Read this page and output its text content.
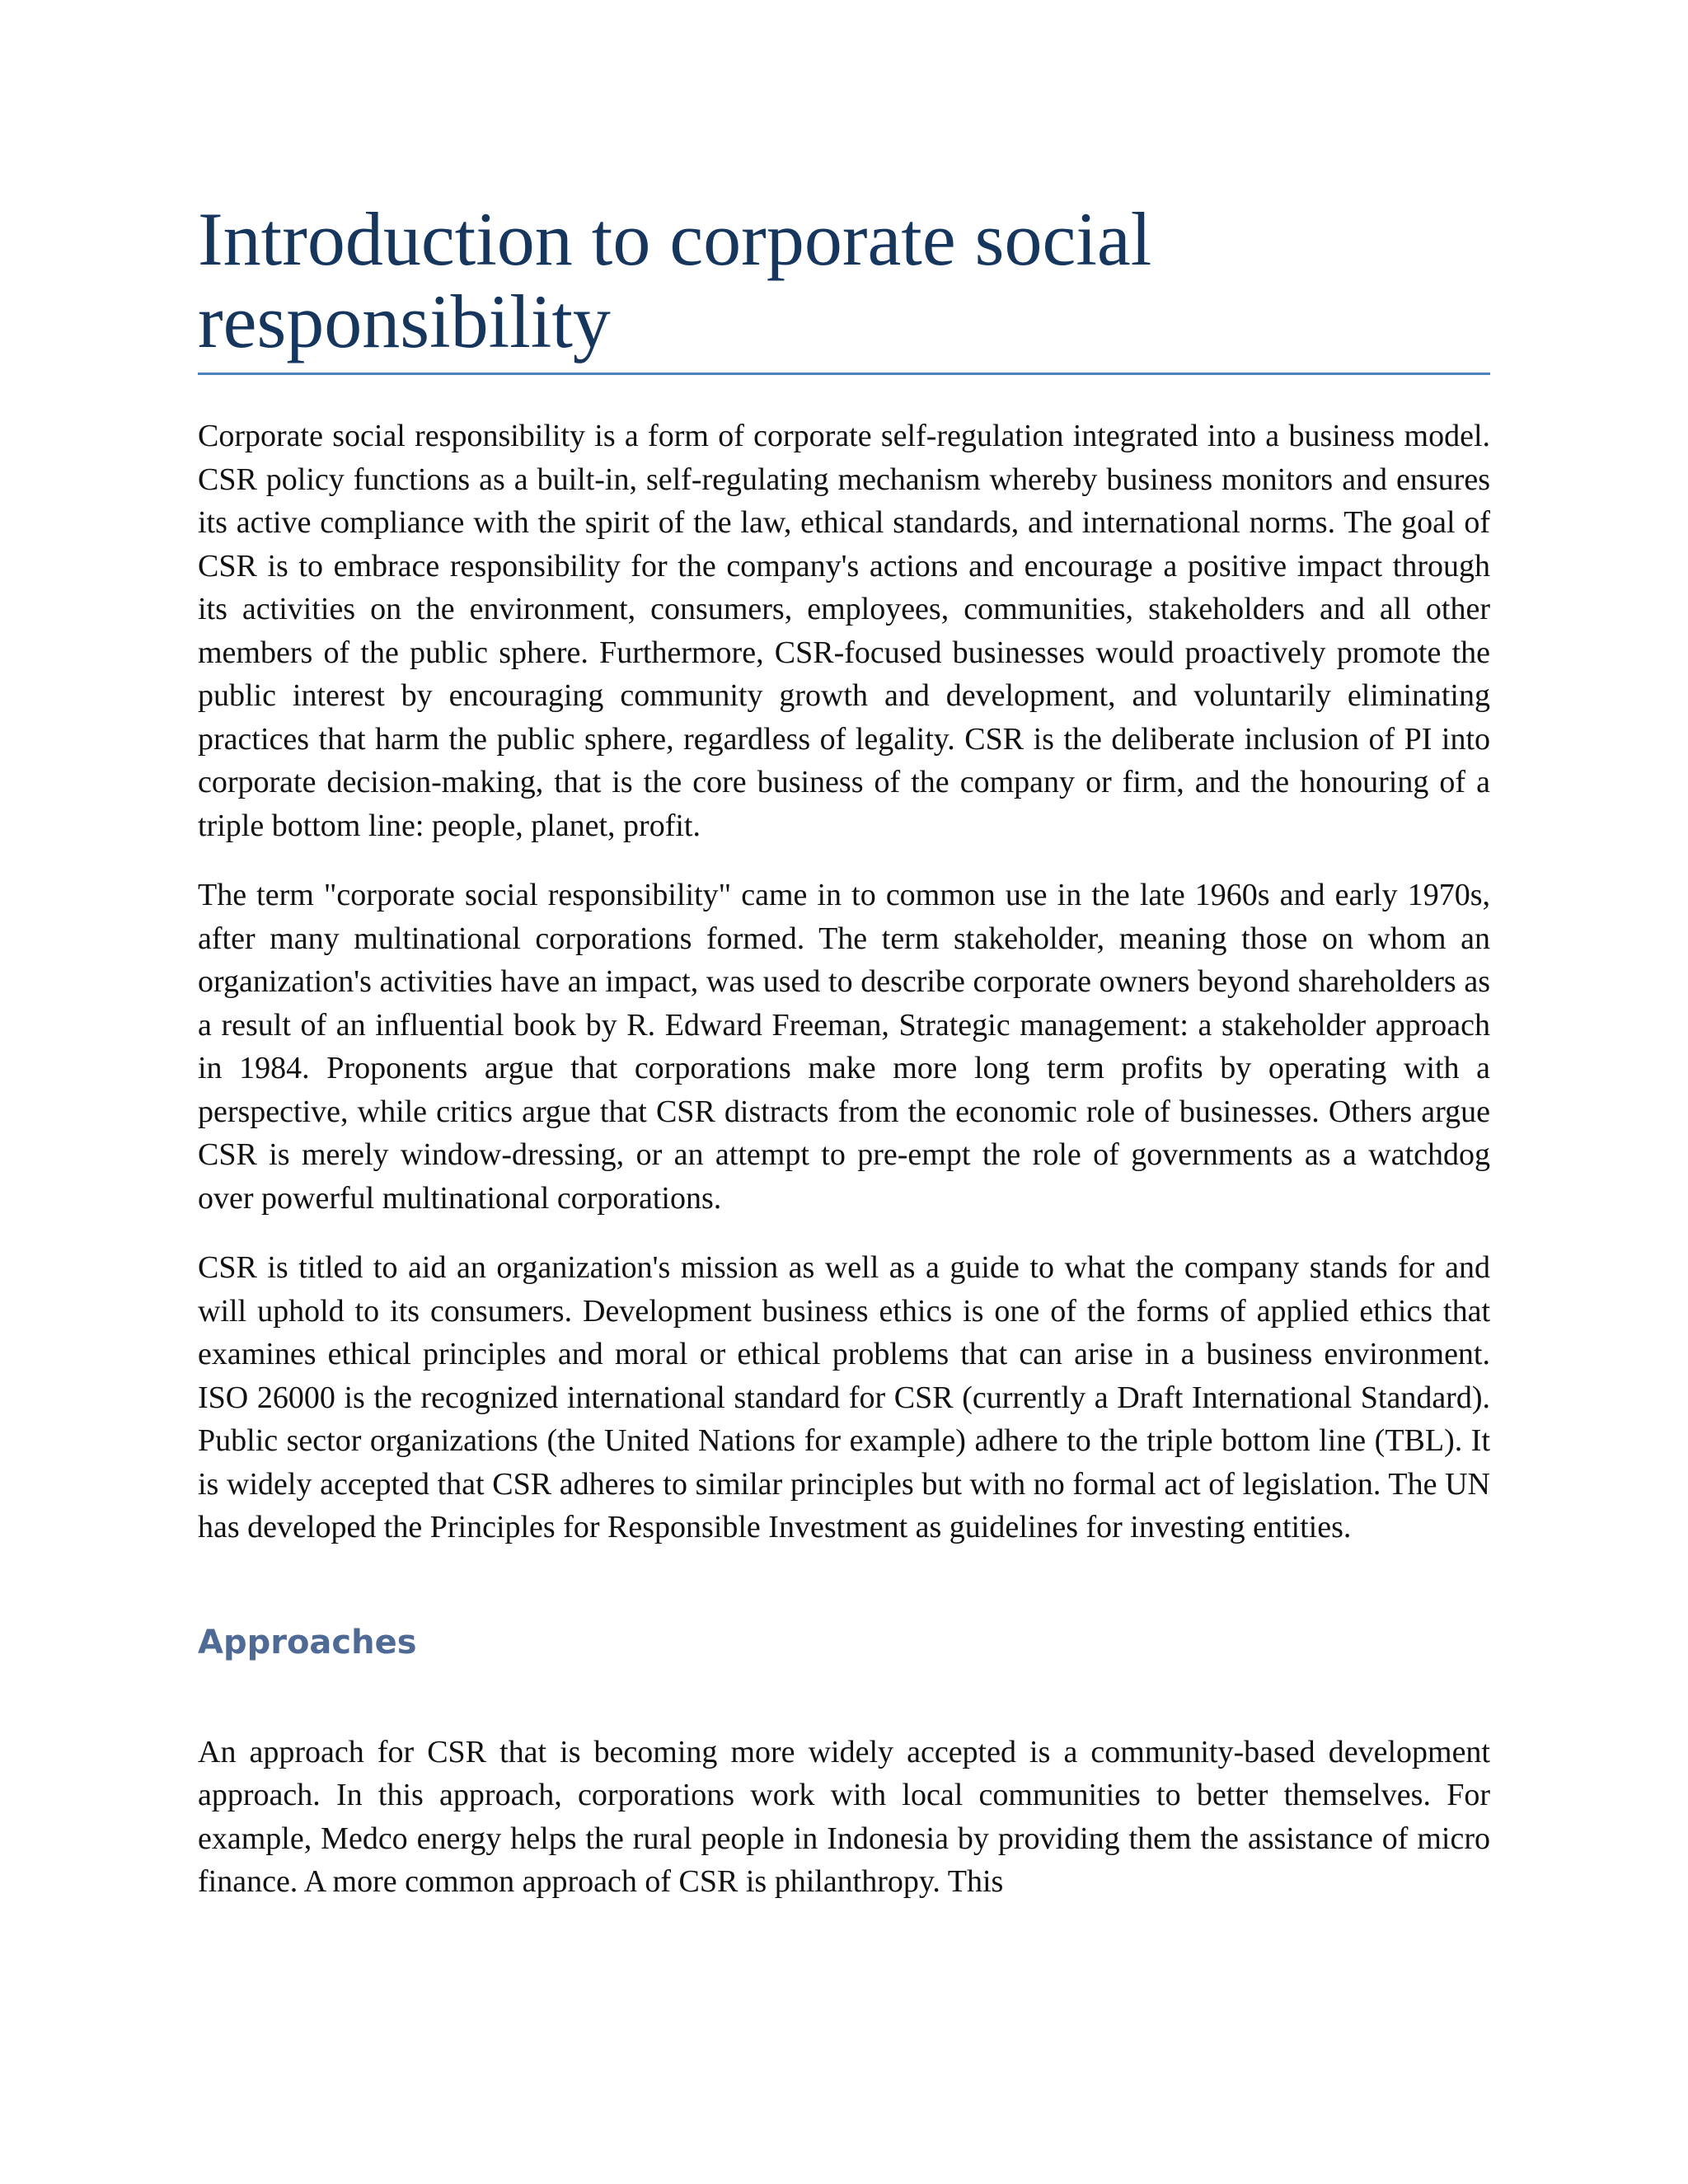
Introduction to corporate social responsibility

Corporate social responsibility is a form of corporate self-regulation integrated into a business model. CSR policy functions as a built-in, self-regulating mechanism whereby business monitors and ensures its active compliance with the spirit of the law, ethical standards, and international norms. The goal of CSR is to embrace responsibility for the company's actions and encourage a positive impact through its activities on the environment, consumers, employees, communities, stakeholders and all other members of the public sphere. Furthermore, CSR-focused businesses would proactively promote the public interest by encouraging community growth and development, and voluntarily eliminating practices that harm the public sphere, regardless of legality. CSR is the deliberate inclusion of PI into corporate decision-making, that is the core business of the company or firm, and the honouring of a triple bottom line: people, planet, profit.

The term "corporate social responsibility" came in to common use in the late 1960s and early 1970s, after many multinational corporations formed. The term stakeholder, meaning those on whom an organization's activities have an impact, was used to describe corporate owners beyond shareholders as a result of an influential book by R. Edward Freeman, Strategic management: a stakeholder approach in 1984. Proponents argue that corporations make more long term profits by operating with a perspective, while critics argue that CSR distracts from the economic role of businesses. Others argue CSR is merely window-dressing, or an attempt to pre-empt the role of governments as a watchdog over powerful multinational corporations.

CSR is titled to aid an organization's mission as well as a guide to what the company stands for and will uphold to its consumers. Development business ethics is one of the forms of applied ethics that examines ethical principles and moral or ethical problems that can arise in a business environment. ISO 26000 is the recognized international standard for CSR (currently a Draft International Standard). Public sector organizations (the United Nations for example) adhere to the triple bottom line (TBL). It is widely accepted that CSR adheres to similar principles but with no formal act of legislation. The UN has developed the Principles for Responsible Investment as guidelines for investing entities.

Approaches

An approach for CSR that is becoming more widely accepted is a community-based development approach. In this approach, corporations work with local communities to better themselves. For example, Medco energy helps the rural people in Indonesia by providing them the assistance of micro finance. A more common approach of CSR is philanthropy. This
